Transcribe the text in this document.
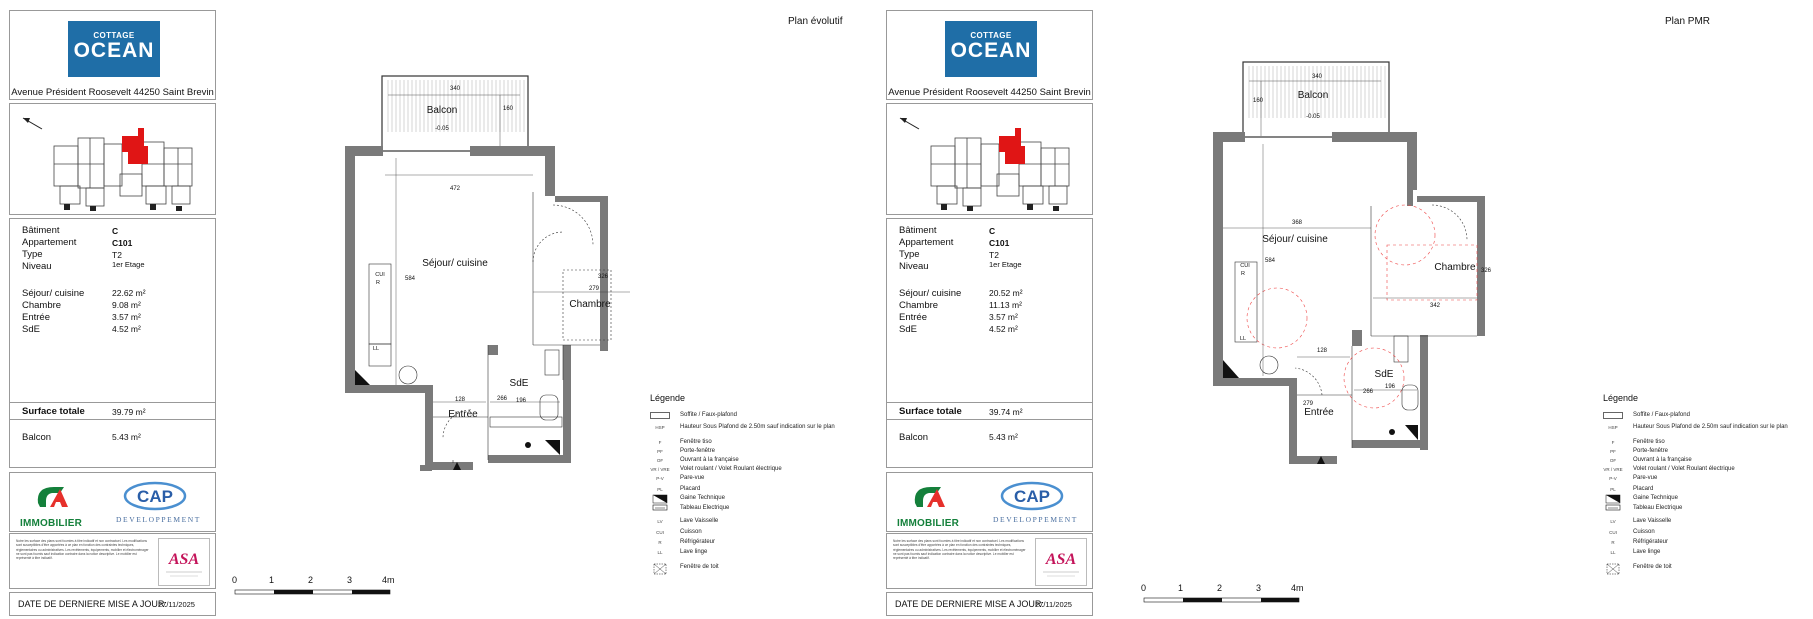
COTTAGE
OCEAN
Avenue Président Roosevelt 44250 Saint Brevin
Bâtiment	C
Appartement	C101
Type	T2
Niveau	1er Etage
Séjour/ cuisine	22.62 m²
Chambre	9.08 m²
Entrée	3.57 m²
SdE	4.52 m²
Surface totale	39.79 m²
Balcon	5.43 m²
IMMOBILIER
CAP
DEVELOPPEMENT
Notre les surface des plans sont fournies à titre indicatif et non contractuel. Les modifications sont susceptibles d'être apportées à ce plan en fonction des contraintes techniques, réglementaires ou administratives. Les revêtements, équipements, mobilier et électroménager ne sont pas fournis sauf indication contraire dans la notice descriptive. Le mobilier est représenté à titre indicatif.	ASA
DATE DE DERNIERE MISE A JOUR:
27/11/2025
COTTAGE
OCEAN
Avenue Président Roosevelt 44250 Saint Brevin
Bâtiment	C
Appartement	C101
Type	T2
Niveau	1er Etage
Séjour/ cuisine	20.52 m²
Chambre	11.13 m²
Entrée	3.57 m²
SdE	4.52 m²
Surface totale	39.74 m²
Balcon	5.43 m²
IMMOBILIER
CAP
DEVELOPPEMENT
Notre les surface des plans sont fournies à titre indicatif et non contractuel. Les modifications sont susceptibles d'être apportées à ce plan en fonction des contraintes techniques, réglementaires ou administratives. Les revêtements, équipements, mobilier et électroménager ne sont pas fournis sauf indication contraire dans la notice descriptive. Le mobilier est représenté à titre indicatif.	ASA
DATE DE DERNIERE MISE A JOUR:
27/11/2025
Balcon
-0.05
340
160
472
584
Séjour/ cuisine
Chambre
279
326
Entrée
128
SdE
266 196
CUI
R
LL
Balcon
-0.05
340
160
368
584
Séjour/ cuisine
Chambre
342
326
Entrée
128
279
SdE
266
196
CUI
R
LL
Plan évolutif	Plan PMR
0	1	2	3	4m
0	1	2	3	4m
Légende
Soffite / Faux-plafond
HSP	Hauteur Sous Plafond de 2.50m sauf indication sur le plan
F	Fenêtre tiso
PF	Porte-fenêtre
OF	Ouvrant à la française
VR / VRE Volet roulant / Volet Roulant électrique
P-V	Pare-vue
PL	Placard
Gaine Technique
Tableau Electrique
LV	Lave Vaisselle
CUI	Cuisson
R	Réfrigérateur
LL	Lave linge
Fenêtre de toit
Légende
Soffite / Faux-plafond
HSP	Hauteur Sous Plafond de 2.50m sauf indication sur le plan
F	Fenêtre tiso
PF	Porte-fenêtre
OF	Ouvrant à la française
VR / VRE Volet roulant / Volet Roulant électrique
P-V	Pare-vue
PL	Placard
Gaine Technique
Tableau Electrique
LV	Lave Vaisselle
CUI	Cuisson
R	Réfrigérateur
LL	Lave linge
Fenêtre de toit
